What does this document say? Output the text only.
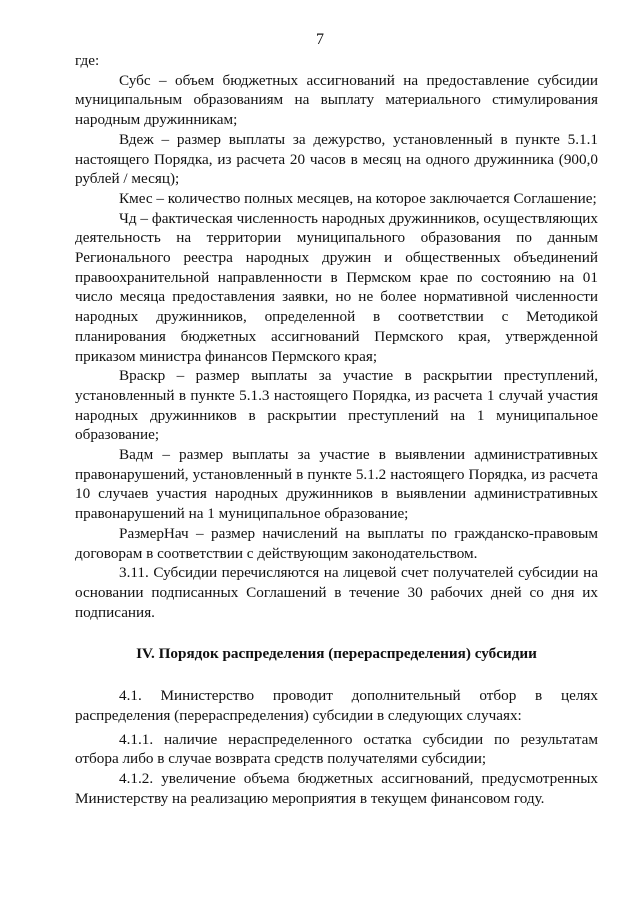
7

где:

Субс – объем бюджетных ассигнований на предоставление субсидии муниципальным образованиям на выплату материального стимулирования народным дружинникам;

Вдеж – размер выплаты за дежурство, установленный в пункте 5.1.1 настоящего Порядка, из расчета 20 часов в месяц на одного дружинника (900,0 рублей / месяц);

Кмес – количество полных месяцев, на которое заключается Соглашение;

Чд – фактическая численность народных дружинников, осуществляющих деятельность на территории муниципального образования по данным Регионального реестра народных дружин и общественных объединений правоохранительной направленности в Пермском крае по состоянию на 01 число месяца предоставления заявки, но не более нормативной численности народных дружинников, определенной в соответствии с Методикой планирования бюджетных ассигнований Пермского края, утвержденной приказом министра финансов Пермского края;

Враскр – размер выплаты за участие в раскрытии преступлений, установленный в пункте 5.1.3 настоящего Порядка, из расчета 1 случай участия народных дружинников в раскрытии преступлений на 1 муниципальное образование;

Вадм – размер выплаты за участие в выявлении административных правонарушений, установленный в пункте 5.1.2 настоящего Порядка, из расчета 10 случаев участия народных дружинников в выявлении административных правонарушений на 1 муниципальное образование;

РазмерНач – размер начислений на выплаты по гражданско-правовым договорам в соответствии с действующим законодательством.

3.11. Субсидии перечисляются на лицевой счет получателей субсидии на основании подписанных Соглашений в течение 30 рабочих дней со дня их подписания.

IV. Порядок распределения (перераспределения) субсидии

4.1. Министерство проводит дополнительный отбор в целях распределения (перераспределения) субсидии в следующих случаях:

4.1.1. наличие нераспределенного остатка субсидии по результатам отбора либо в случае возврата средств получателями субсидии;

4.1.2. увеличение объема бюджетных ассигнований, предусмотренных Министерству на реализацию мероприятия в текущем финансовом году.
